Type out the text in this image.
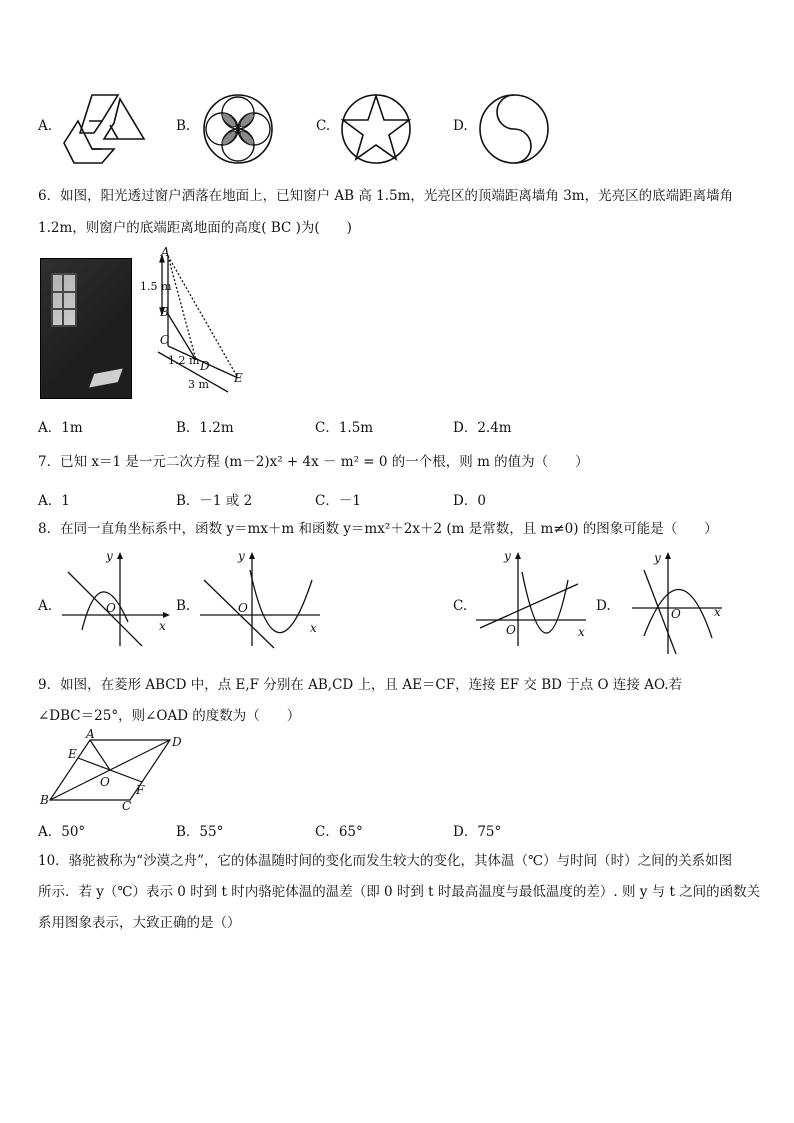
A.	B.	C.	D.
6．如图，阳光透过窗户洒落在地面上，已知窗户 AB 高 1.5m，光亮区的顶端距离墙角 3m，光亮区的底端距离墙角
1.2m，则窗户的底端距离地面的高度( BC )为(　　)
A
B
C
D
E
1.5 m
1.2 m
3 m
A．1m	B．1.2m	C．1.5m	D．2.4m
7．已知 x＝1 是一元二次方程 (m－2)x² + 4x － m² = 0 的一个根，则 m 的值为（　　）
A．1	B．－1 或 2	C．－1	D．0
8．在同一直角坐标系中，函数 y＝mx＋m 和函数 y＝mx²＋2x＋2 (m 是常数，且 m≠0) 的图象可能是（　　）
A.
y
x
O	B.
y
x
O	C.
y
x
O
D.
y
x
O
9．如图，在菱形 ABCD 中，点 E,F 分别在 AB,CD 上，且 AE＝CF，连接 EF 交 BD 于点 O 连接 AO.若
∠DBC＝25°，则∠OAD 的度数为（　　）
A
B	C
D
E
F
O
A．50°	B．55°	C．65°	D．75°
10．骆驼被称为“沙漠之舟”，它的体温随时间的变化而发生较大的变化，其体温（℃）与时间（时）之间的关系如图
所示．若 y（℃）表示 0 时到 t 时内骆驼体温的温差（即 0 时到 t 时最高温度与最低温度的差）. 则 y 与 t 之间的函数关
系用图象表示，大致正确的是（）
